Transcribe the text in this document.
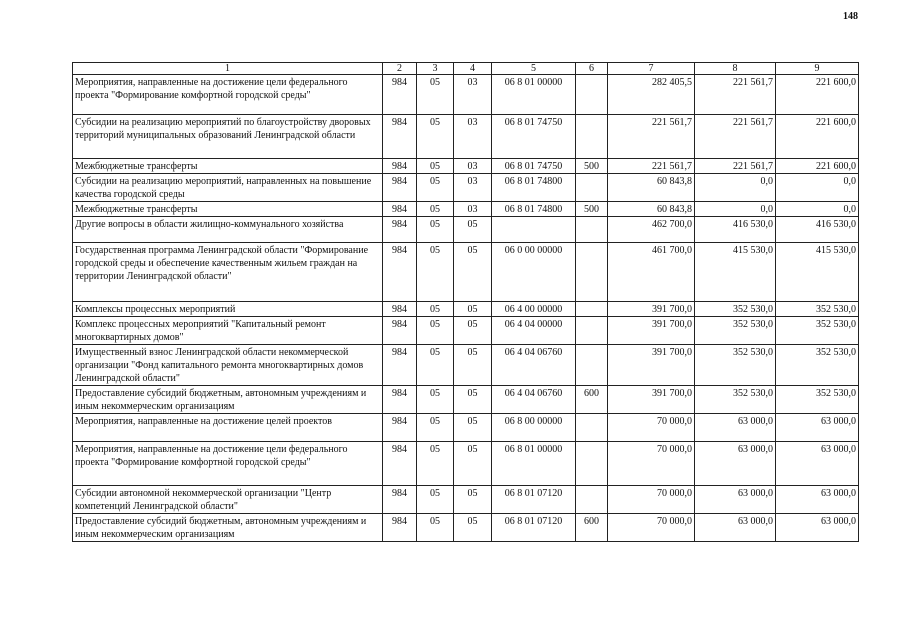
148
1	2	3	4	5	6	7	8	9
Мероприятия, направленные на достижение цели федерального проекта "Формирование комфортной городской среды"	984	05	03	06 8 01 00000		282 405,5	221 561,7	221 600,0
Субсидии на реализацию мероприятий по благоустройству дворовых территорий муниципальных образований Ленинградской области	984	05	03	06 8 01 74750		221 561,7	221 561,7	221 600,0
Межбюджетные трансферты	984	05	03	06 8 01 74750	500	221 561,7	221 561,7	221 600,0
Субсидии на реализацию мероприятий, направленных на повышение качества городской среды	984	05	03	06 8 01 74800		60 843,8	0,0	0,0
Межбюджетные трансферты	984	05	03	06 8 01 74800	500	60 843,8	0,0	0,0
Другие вопросы в области жилищно-коммунального хозяйства	984	05	05			462 700,0	416 530,0	416 530,0
Государственная программа Ленинградской области "Формирование городской среды и обеспечение качественным жильем граждан на территории Ленинградской области"	984	05	05	06 0 00 00000		461 700,0	415 530,0	415 530,0
Комплексы процессных мероприятий	984	05	05	06 4 00 00000		391 700,0	352 530,0	352 530,0
Комплекс процессных мероприятий "Капитальный ремонт многоквартирных домов"	984	05	05	06 4 04 00000		391 700,0	352 530,0	352 530,0
Имущественный взнос Ленинградской области некоммерческой организации "Фонд капитального ремонта многоквартирных домов Ленинградской области"	984	05	05	06 4 04 06760		391 700,0	352 530,0	352 530,0
Предоставление субсидий бюджетным, автономным учреждениям и иным некоммерческим организациям	984	05	05	06 4 04 06760	600	391 700,0	352 530,0	352 530,0
Мероприятия, направленные на достижение целей проектов	984	05	05	06 8 00 00000		70 000,0	63 000,0	63 000,0
Мероприятия, направленные на достижение цели федерального проекта "Формирование комфортной городской среды"	984	05	05	06 8 01 00000		70 000,0	63 000,0	63 000,0
Субсидии автономной некоммерческой организации "Центр компетенций Ленинградской области"	984	05	05	06 8 01 07120		70 000,0	63 000,0	63 000,0
Предоставление субсидий бюджетным, автономным учреждениям и иным некоммерческим организациям	984	05	05	06 8 01 07120	600	70 000,0	63 000,0	63 000,0
